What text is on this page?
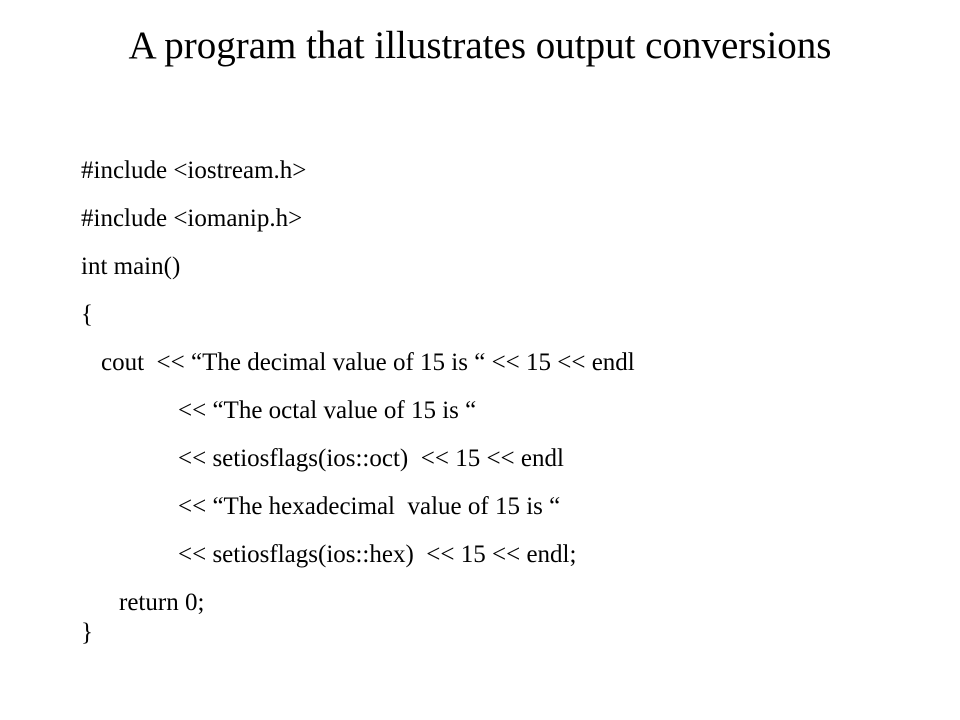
A program that illustrates output conversions
#include <iostream.h>
#include <iomanip.h>
int main()
{
cout  << “The decimal value of 15 is “ << 15 << endl
<< “The octal value of 15 is “
<< setiosflags(ios::oct)  << 15 << endl
<< “The hexadecimal  value of 15 is “
<< setiosflags(ios::hex)  << 15 << endl;
return 0;
}
